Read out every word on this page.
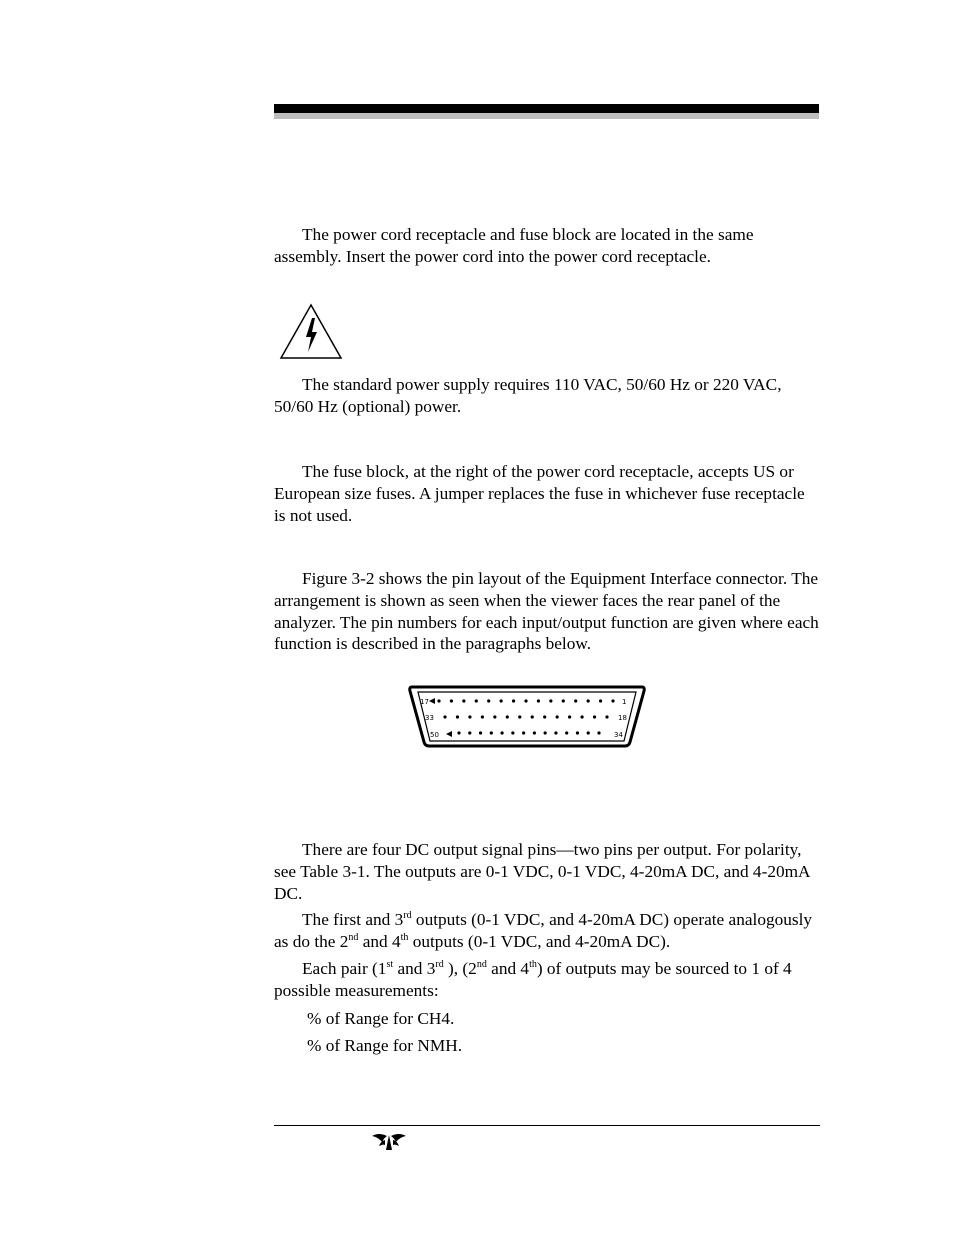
The power cord receptacle and fuse block are located in the same assembly. Insert the power cord into the power cord receptacle.

The standard power supply requires 110 VAC, 50/60 Hz or 220 VAC, 50/60 Hz (optional) power.

The fuse block, at the right of the power cord receptacle, accepts US or European size fuses. A jumper replaces the fuse in whichever fuse receptacle is not used.

Figure 3-2 shows the pin layout of the Equipment Interface connector. The arrangement is shown as seen when the viewer faces the rear panel of the analyzer. The pin numbers for each input/output function are given where each function is described in the paragraphs below.

17	1
33	18
50	34

There are four DC output signal pins—two pins per output. For polarity, see Table 3-1. The outputs are 0-1 VDC, 0-1 VDC, 4-20mA DC, and 4-20mA DC.

The first and 3rd outputs (0-1 VDC, and 4-20mA DC) operate analogously as do the 2nd and 4th outputs (0-1 VDC, and 4-20mA DC).

Each pair (1st and 3rd ), (2nd and 4th) of outputs may be sourced to 1 of 4 possible measurements:

% of Range for CH4.

% of Range for NMH.
